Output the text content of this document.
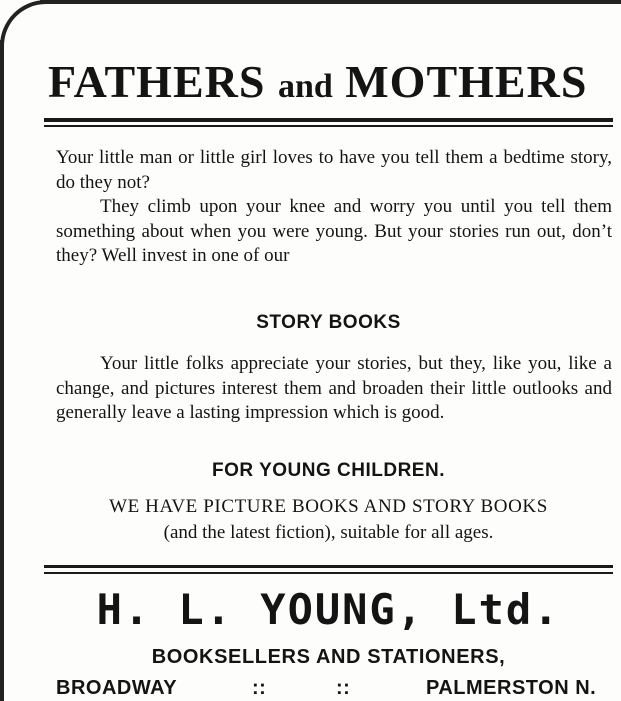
FATHERS and MOTHERS

Your little man or little girl loves to have you tell them a bedtime story, do they not?

They climb upon your knee and worry you until you tell them something about when you were young. But your stories run out, don’t they? Well invest in one of our

STORY BOOKS

Your little folks appreciate your stories, but they, like you, like a change, and pictures interest them and broaden their little outlooks and generally leave a lasting impression which is good.

FOR YOUNG CHILDREN.
WE HAVE PICTURE BOOKS AND STORY BOOKS
(and the latest fiction), suitable for all ages.
H. L. YOUNG, Ltd.
BOOKSELLERS AND STATIONERS,
BROADWAY	::	::	PALMERSTON N.
